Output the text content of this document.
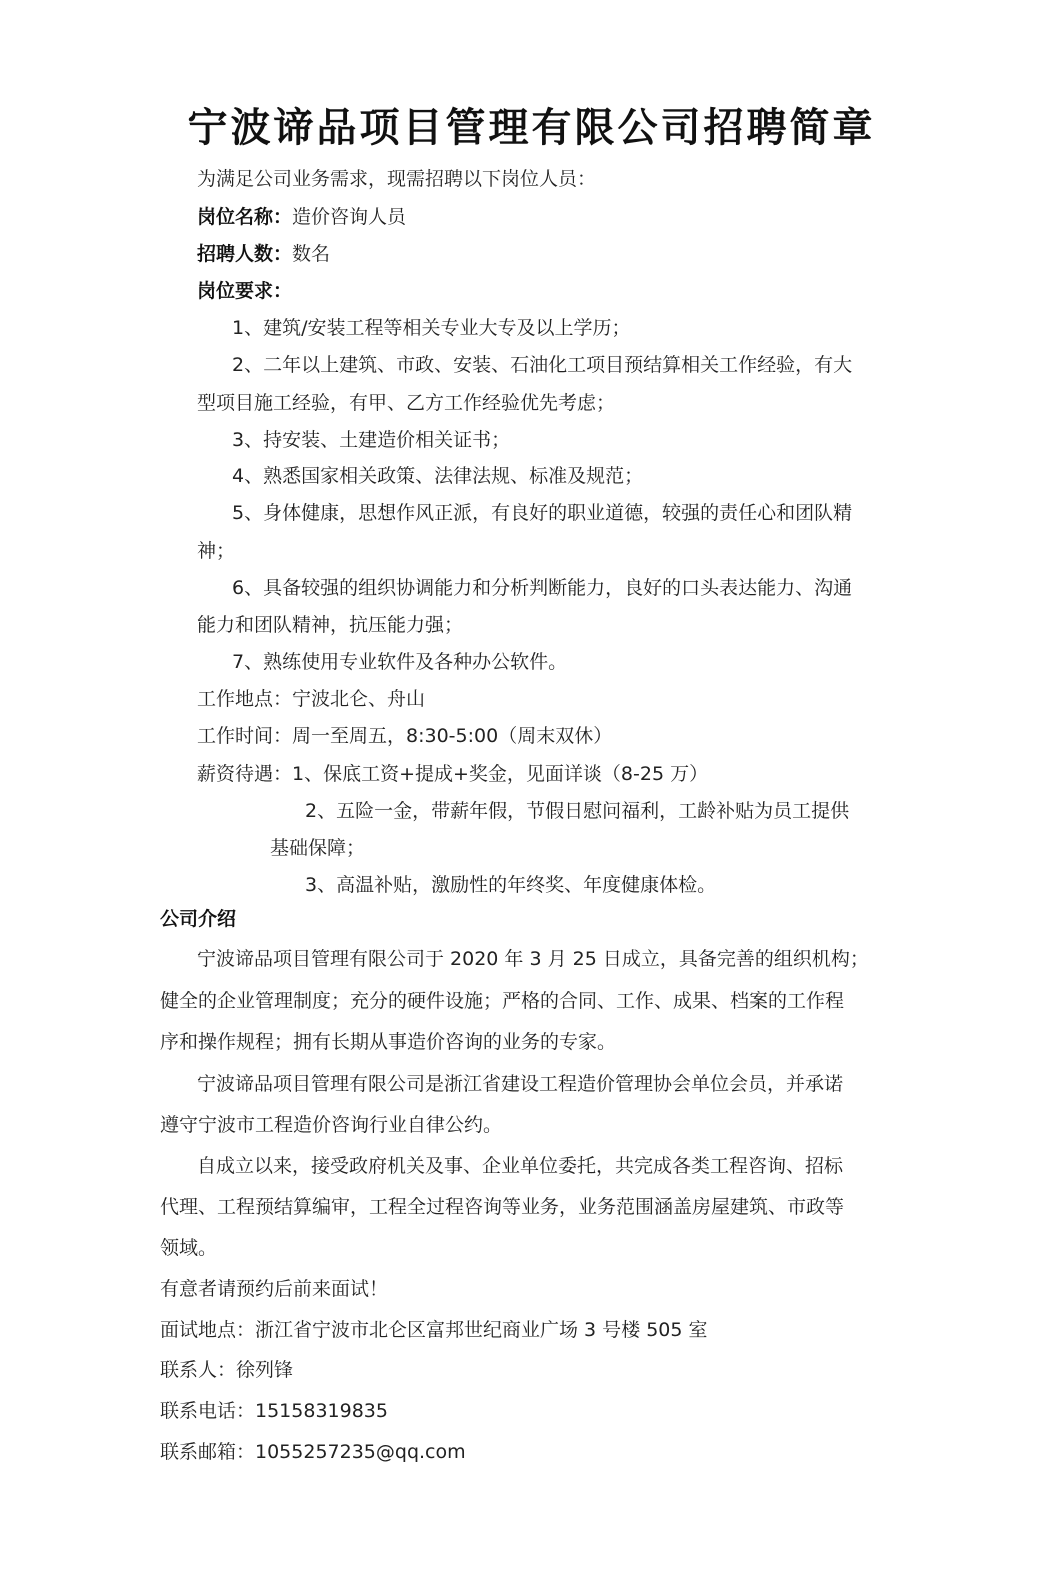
宁波谛品项目管理有限公司招聘简章
为满足公司业务需求，现需招聘以下岗位人员：
岗位名称：造价咨询人员
招聘人数：数名
岗位要求：
1、建筑/安装工程等相关专业大专及以上学历；
2、二年以上建筑、市政、安装、石油化工项目预结算相关工作经验，有大
型项目施工经验，有甲、乙方工作经验优先考虑；
3、持安装、土建造价相关证书；
4、熟悉国家相关政策、法律法规、标准及规范；
5、身体健康，思想作风正派，有良好的职业道德，较强的责任心和团队精
神；
6、具备较强的组织协调能力和分析判断能力，良好的口头表达能力、沟通
能力和团队精神，抗压能力强；
7、熟练使用专业软件及各种办公软件。
工作地点：宁波北仑、舟山
工作时间：周一至周五，8:30-5:00（周末双休）
薪资待遇：1、保底工资+提成+奖金，见面详谈（8-25 万）
2、五险一金，带薪年假，节假日慰问福利，工龄补贴为员工提供
基础保障；
3、高温补贴，激励性的年终奖、年度健康体检。
公司介绍
宁波谛品项目管理有限公司于 2020 年 3 月 25 日成立，具备完善的组织机构；
健全的企业管理制度；充分的硬件设施；严格的合同、工作、成果、档案的工作程
序和操作规程；拥有长期从事造价咨询的业务的专家。
宁波谛品项目管理有限公司是浙江省建设工程造价管理协会单位会员，并承诺
遵守宁波市工程造价咨询行业自律公约。
自成立以来，接受政府机关及事、企业单位委托，共完成各类工程咨询、招标
代理、工程预结算编审，工程全过程咨询等业务，业务范围涵盖房屋建筑、市政等
领域。
有意者请预约后前来面试！
面试地点：浙江省宁波市北仑区富邦世纪商业广场 3 号楼 505 室
联系人：徐列锋
联系电话：15158319835
联系邮箱：1055257235@qq.com
